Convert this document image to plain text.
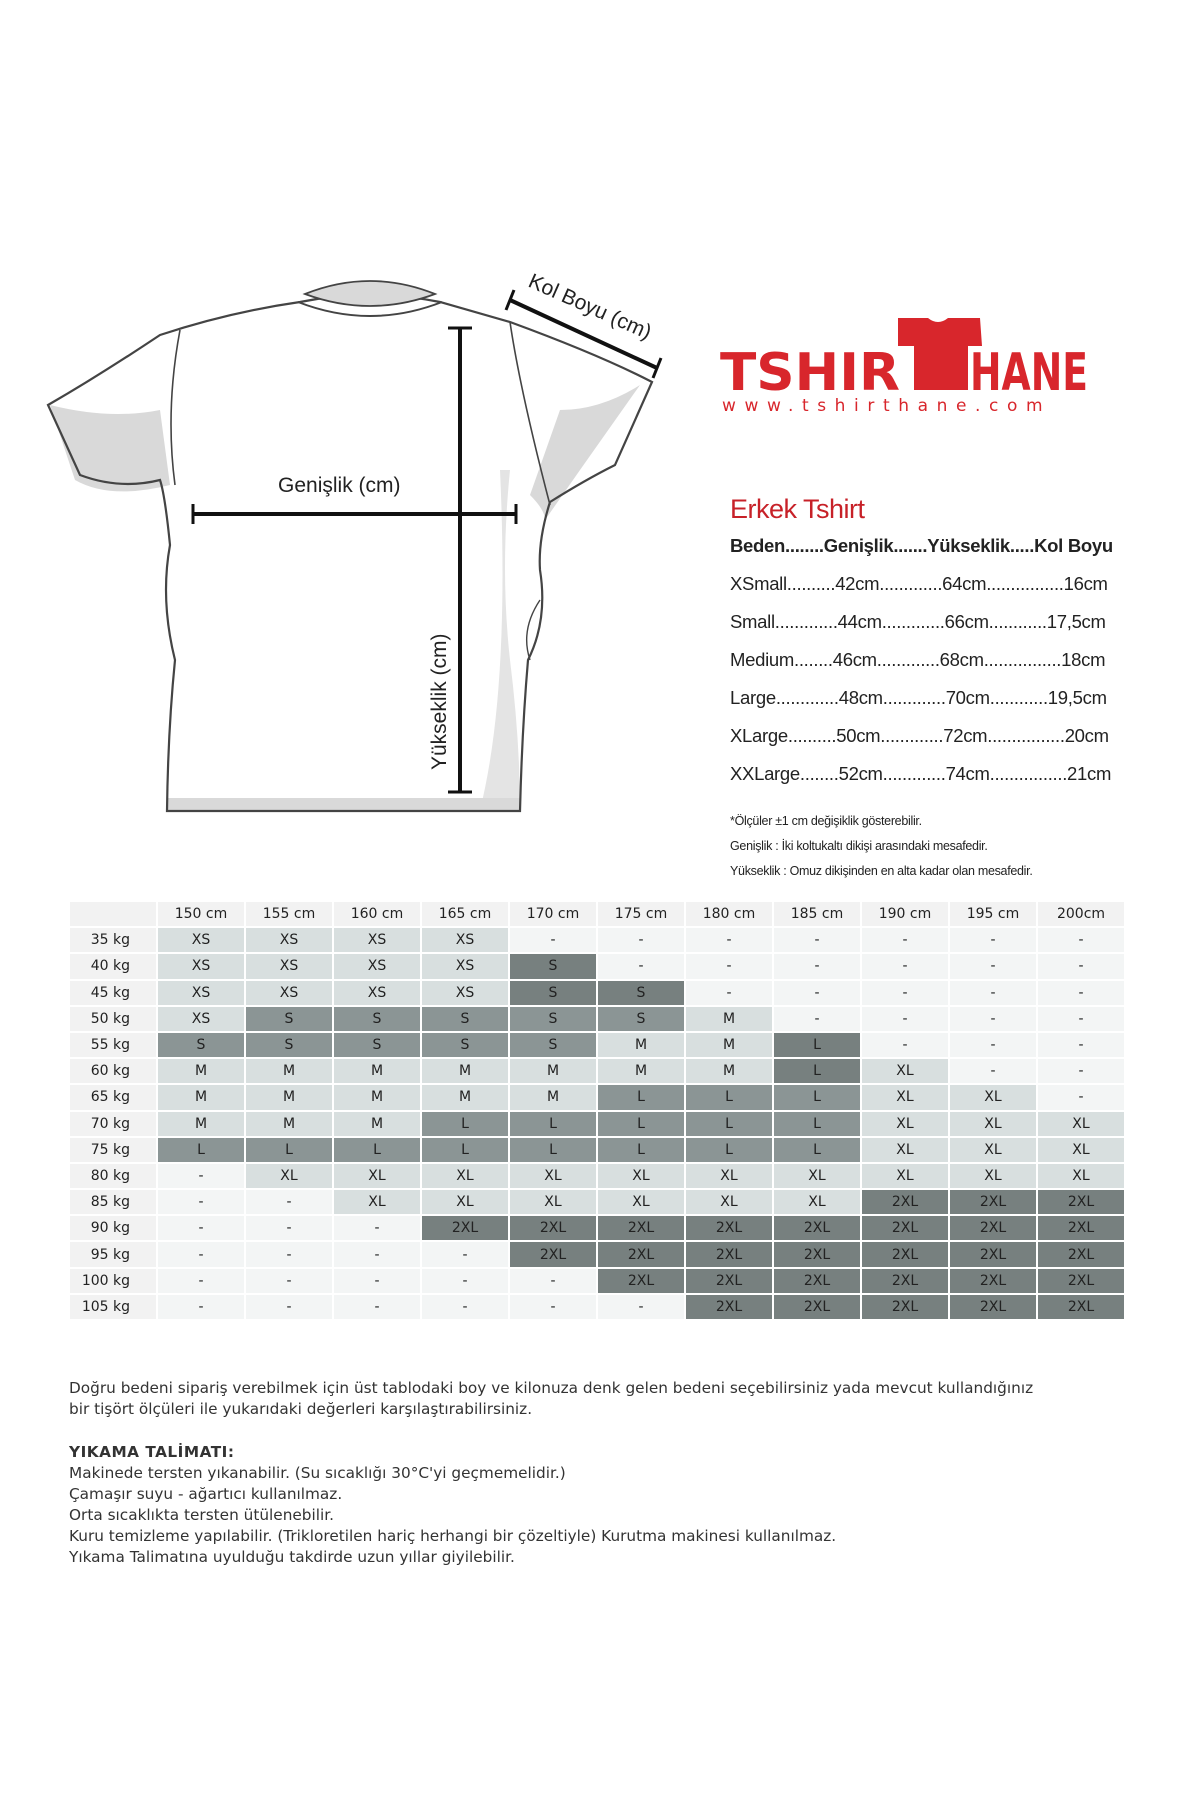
Genişlik (cm)
Yükseklik (cm)
Kol Boyu (cm)
TSHIR HANE
www.tshirthane.com
Erkek Tshirt
Beden........Genişlik.......Yükseklik.....Kol Boyu
XSmall..........42cm.............64cm................16cm
Small.............44cm.............66cm............17,5cm
Medium........46cm.............68cm................18cm
Large.............48cm.............70cm............19,5cm
XLarge..........50cm.............72cm................20cm
XXLarge........52cm.............74cm................21cm
*Ölçüler ±1 cm değişiklik gösterebilir.
Genişlik : İki koltukaltı dikişi arasındaki mesafedir.
Yükseklik : Omuz dikişinden en alta kadar olan mesafedir.
	150 cm	155 cm	160 cm	165 cm	170 cm	175 cm	180 cm	185 cm	190 cm	195 cm	200cm
35 kg	XS	XS	XS	XS	-	-	-	-	-	-	-
40 kg	XS	XS	XS	XS	S	-	-	-	-	-	-
45 kg	XS	XS	XS	XS	S	S	-	-	-	-	-
50 kg	XS	S	S	S	S	S	M	-	-	-	-
55 kg	S	S	S	S	S	M	M	L	-	-	-
60 kg	M	M	M	M	M	M	M	L	XL	-	-
65 kg	M	M	M	M	M	L	L	L	XL	XL	-
70 kg	M	M	M	L	L	L	L	L	XL	XL	XL
75 kg	L	L	L	L	L	L	L	L	XL	XL	XL
80 kg	-	XL	XL	XL	XL	XL	XL	XL	XL	XL	XL
85 kg	-	-	XL	XL	XL	XL	XL	XL	2XL	2XL	2XL
90 kg	-	-	-	2XL	2XL	2XL	2XL	2XL	2XL	2XL	2XL
95 kg	-	-	-	-	2XL	2XL	2XL	2XL	2XL	2XL	2XL
100 kg	-	-	-	-	-	2XL	2XL	2XL	2XL	2XL	2XL
105 kg	-	-	-	-	-	-	2XL	2XL	2XL	2XL	2XL

Doğru bedeni sipariş verebilmek için üst tablodaki boy ve kilonuza denk gelen bedeni seçebilirsiniz yada mevcut kullandığınız

bir tişört ölçüleri ile yukarıdaki değerleri karşılaştırabilirsiniz.

YIKAMA TALİMATI:

Makinede tersten yıkanabilir. (Su sıcaklığı 30°C'yi geçmemelidir.)

Çamaşır suyu - ağartıcı kullanılmaz.

Orta sıcaklıkta tersten ütülenebilir.

Kuru temizleme yapılabilir. (Trikloretilen hariç herhangi bir çözeltiyle) Kurutma makinesi kullanılmaz.

Yıkama Talimatına uyulduğu takdirde uzun yıllar giyilebilir.
